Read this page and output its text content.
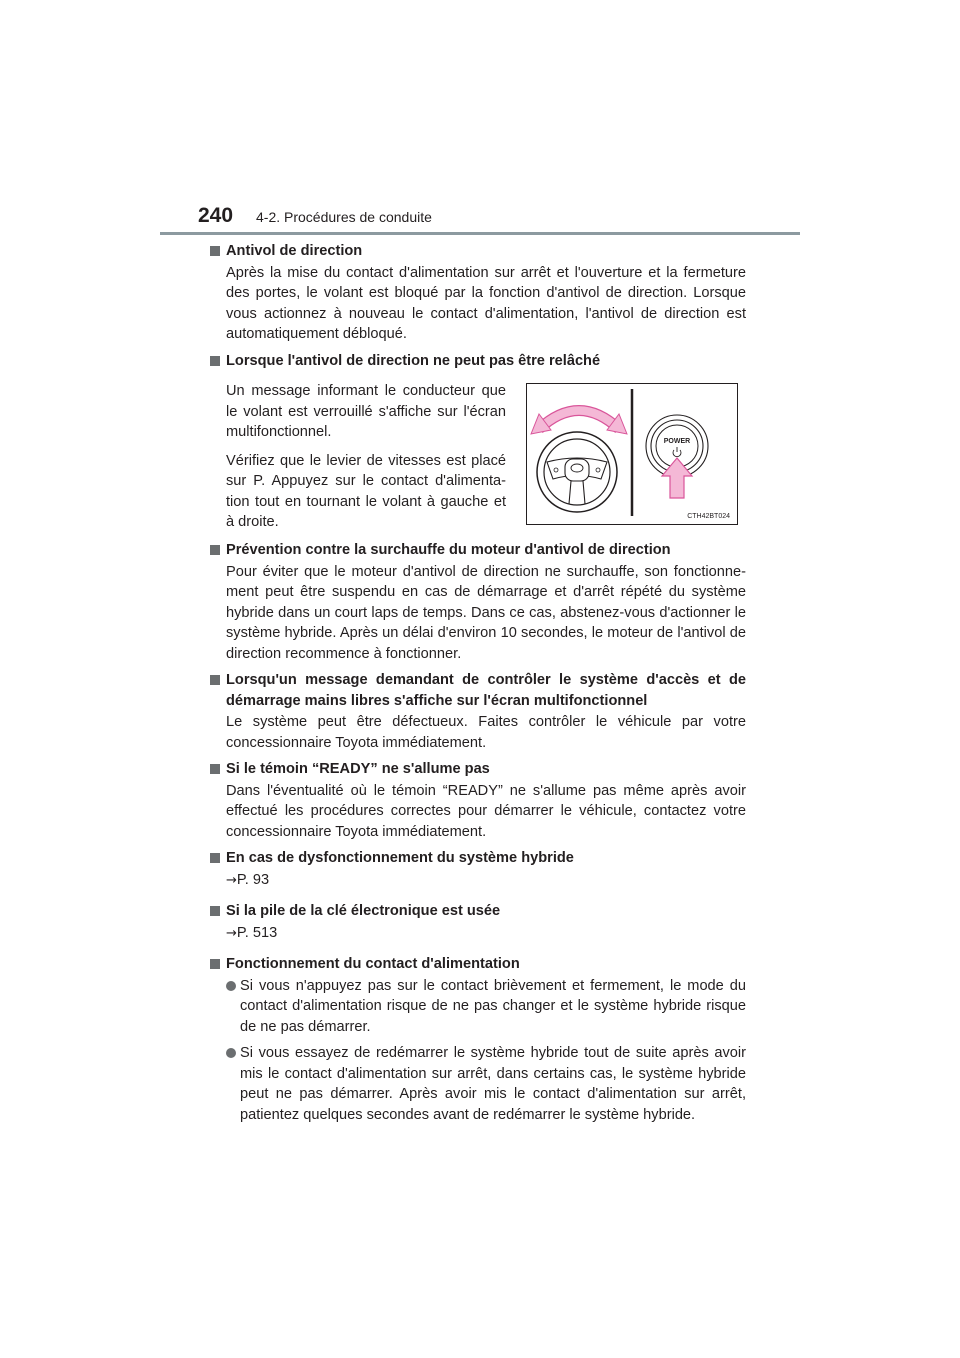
240 4-2. Procédures de conduite
Antivol de direction
Après la mise du contact d'alimentation sur arrêt et l'ouverture et la fermeture des portes, le volant est bloqué par la fonction d'antivol de direction. Lorsque vous actionnez à nouveau le contact d'alimentation, l'antivol de direction est automatiquement débloqué.
Lorsque l'antivol de direction ne peut pas être relâché

Un message informant le conducteur que le volant est verrouillé s'affiche sur l'écran multifonctionnel.

Vérifiez que le levier de vitesses est placé sur P. Appuyez sur le contact d'alimenta-tion tout en tournant le volant à gauche et à droite.

POWER
CTH42BT024
Prévention contre la surchauffe du moteur d'antivol de direction
Pour éviter que le moteur d'antivol de direction ne surchauffe, son fonctionne-ment peut être suspendu en cas de démarrage et d'arrêt répété du système hybride dans un court laps de temps. Dans ce cas, abstenez-vous d'actionner le système hybride. Après un délai d'environ 10 secondes, le moteur de l'antivol de direction recommence à fonctionner.
Lorsqu'un message demandant de contrôler le système d'accès et de démarrage mains libres s'affiche sur l'écran multifonctionnel
Le système peut être défectueux. Faites contrôler le véhicule par votre concessionnaire Toyota immédiatement.
Si le témoin “READY” ne s'allume pas
Dans l'éventualité où le témoin “READY” ne s'allume pas même après avoir effectué les procédures correctes pour démarrer le véhicule, contactez votre concessionnaire Toyota immédiatement.
En cas de dysfonctionnement du système hybride
→P. 93
Si la pile de la clé électronique est usée
→P. 513
Fonctionnement du contact d'alimentation
Si vous n'appuyez pas sur le contact brièvement et fermement, le mode du contact d'alimentation risque de ne pas changer et le système hybride risque de ne pas démarrer.
Si vous essayez de redémarrer le système hybride tout de suite après avoir mis le contact d'alimentation sur arrêt, dans certains cas, le système hybride peut ne pas démarrer. Après avoir mis le contact d'alimentation sur arrêt, patientez quelques secondes avant de redémarrer le système hybride.
